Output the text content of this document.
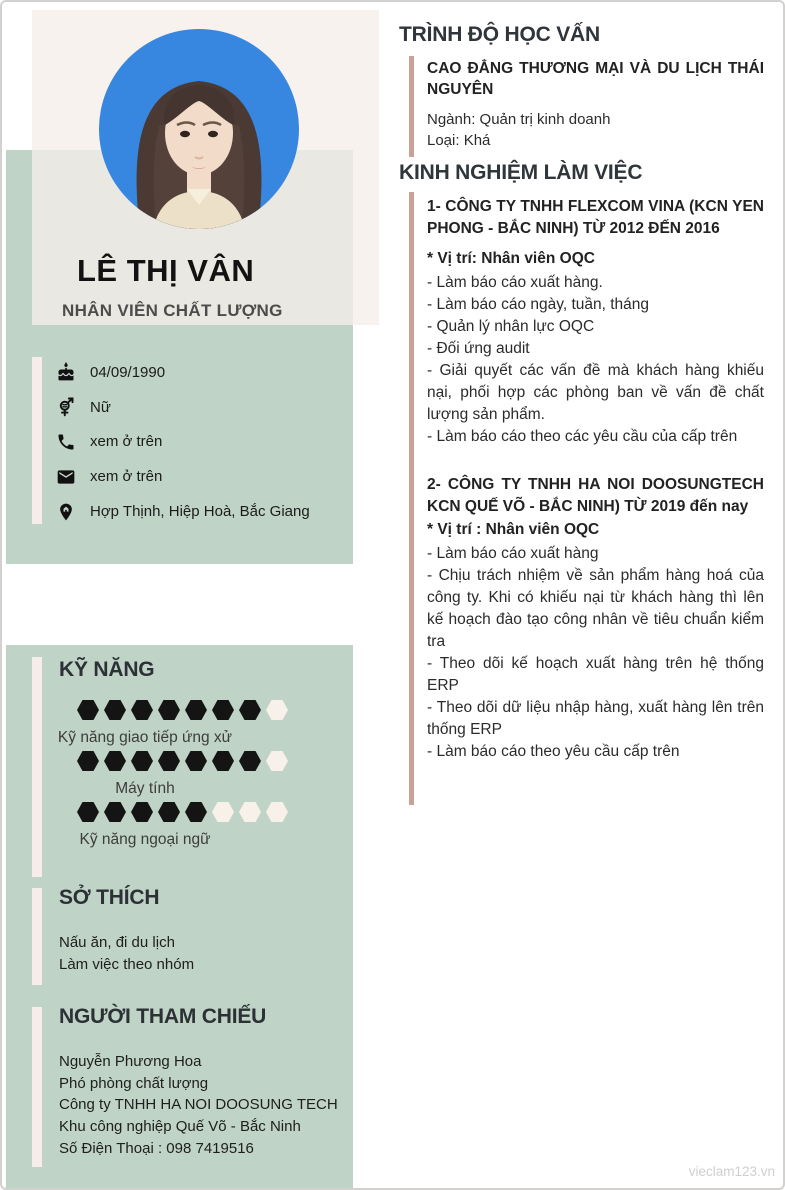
LÊ THỊ VÂN
NHÂN VIÊN CHẤT LƯỢNG
04/09/1990
Nữ
xem ở trên
xem ở trên
Hợp Thịnh, Hiệp Hoà, Bắc Giang
KỸ NĂNG
Kỹ năng giao tiếp ứng xử
Máy tính
Kỹ năng ngoại ngữ
SỞ THÍCH
Nấu ăn, đi du lịch
Làm việc theo nhóm
NGƯỜI THAM CHIẾU
Nguyễn Phương Hoa
Phó phòng chất lượng
Công ty TNHH HA NOI DOOSUNG TECH
Khu công nghiệp Quế Võ - Bắc Ninh
Số Điện Thoại : 098 7419516
TRÌNH ĐỘ HỌC VẤN
CAO ĐẲNG THƯƠNG MẠI VÀ DU LỊCH THÁI NGUYÊN
Ngành: Quản trị kinh doanh
Loại: Khá
KINH NGHIỆM LÀM VIỆC
1- CÔNG TY TNHH FLEXCOM VINA (KCN YEN PHONG - BẮC NINH) TỪ 2012 ĐẾN 2016
* Vị trí: Nhân viên OQC

- Làm báo cáo xuất hàng.

- Làm báo cáo ngày, tuần, tháng

- Quản lý nhân lực OQC

- Đối ứng audit

- Giải quyết các vấn đề mà khách hàng khiếu nại, phối hợp các phòng ban về vấn đề chất lượng sản phẩm.

- Làm báo cáo theo các yêu cầu của cấp trên

2- CÔNG TY TNHH HA NOI DOOSUNGTECH KCN QUẾ VÕ - BẮC NINH) TỪ 2019 đến nay
* Vị trí : Nhân viên OQC

- Làm báo cáo xuất hàng

- Chịu trách nhiệm về sản phẩm hàng hoá của công ty. Khi có khiếu nại từ khách hàng thì lên kế hoạch đào tạo công nhân về tiêu chuẩn kiểm tra

- Theo dõi kế hoạch xuất hàng trên hệ thống ERP

- Theo dõi dữ liệu nhập hàng, xuất hàng lên trên thống ERP

- Làm báo cáo theo yêu cầu cấp trên

vieclam123.vn
